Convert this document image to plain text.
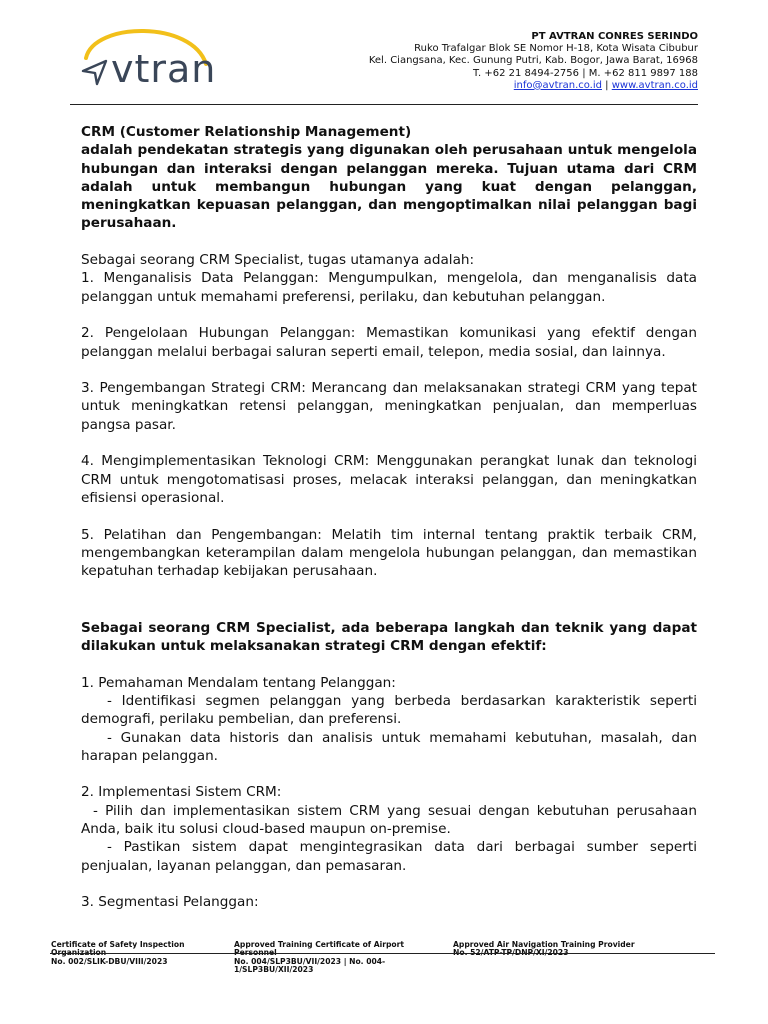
vtran
PT AVTRAN CONRES SERINDO
Ruko Trafalgar Blok SE Nomor H-18, Kota Wisata Cibubur
Kel. Ciangsana, Kec. Gunung Putri, Kab. Bogor, Jawa Barat, 16968
T. +62 21 8494-2756 | M. +62 811 9897 188
info@avtran.co.id | www.avtran.co.id

CRM (Customer Relationship Management)

adalah pendekatan strategis yang digunakan oleh perusahaan untuk mengelola hubungan dan interaksi dengan pelanggan mereka. Tujuan utama dari CRM adalah untuk membangun hubungan yang kuat dengan pelanggan, meningkatkan kepuasan pelanggan, dan mengoptimalkan nilai pelanggan bagi perusahaan.

Sebagai seorang CRM Specialist, tugas utamanya adalah:

1. Menganalisis Data Pelanggan: Mengumpulkan, mengelola, dan menganalisis data pelanggan untuk memahami preferensi, perilaku, dan kebutuhan pelanggan.

2. Pengelolaan Hubungan Pelanggan: Memastikan komunikasi yang efektif dengan pelanggan melalui berbagai saluran seperti email, telepon, media sosial, dan lainnya.

3. Pengembangan Strategi CRM: Merancang dan melaksanakan strategi CRM yang tepat untuk meningkatkan retensi pelanggan, meningkatkan penjualan, dan memperluas pangsa pasar.

4. Mengimplementasikan Teknologi CRM: Menggunakan perangkat lunak dan teknologi CRM untuk mengotomatisasi proses, melacak interaksi pelanggan, dan meningkatkan efisiensi operasional.

5. Pelatihan dan Pengembangan: Melatih tim internal tentang praktik terbaik CRM, mengembangkan keterampilan dalam mengelola hubungan pelanggan, dan memastikan kepatuhan terhadap kebijakan perusahaan.

Sebagai seorang CRM Specialist, ada beberapa langkah dan teknik yang dapat dilakukan untuk melaksanakan strategi CRM dengan efektif:

1. Pemahaman Mendalam tentang Pelanggan:

- Identifikasi segmen pelanggan yang berbeda berdasarkan karakteristik seperti demografi, perilaku pembelian, dan preferensi.

- Gunakan data historis dan analisis untuk memahami kebutuhan, masalah, dan harapan pelanggan.

2. Implementasi Sistem CRM:

- Pilih dan implementasikan sistem CRM yang sesuai dengan kebutuhan perusahaan Anda, baik itu solusi cloud-based maupun on-premise.

- Pastikan sistem dapat mengintegrasikan data dari berbagai sumber seperti penjualan, layanan pelanggan, dan pemasaran.

3. Segmentasi Pelanggan:

Certificate of Safety Inspection Organization
No. 002/SLIK-DBU/VIII/2023
Approved Training Certificate of Airport Personnel
No. 004/SLP3BU/VII/2023 | No. 004-1/SLP3BU/XII/2023
Approved Air Navigation Training Provider
No. 52/ATP-TP/DNP/XI/2023
